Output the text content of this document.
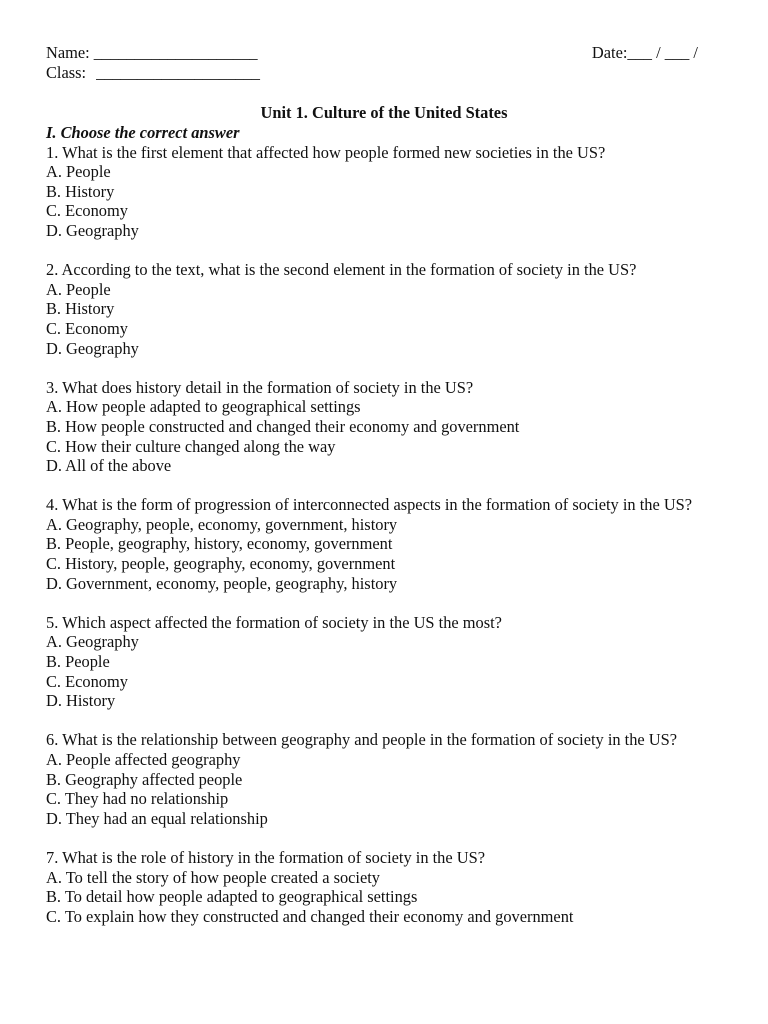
Name: ____________________	Date:___ / ___ /
Class: ____________________
Unit 1. Culture of the United States
I. Choose the correct answer
1. What is the first element that affected how people formed new societies in the US?
A. People
B. History
C. Economy
D. Geography
2. According to the text, what is the second element in the formation of society in the US?
A. People
B. History
C. Economy
D. Geography
3. What does history detail in the formation of society in the US?
A. How people adapted to geographical settings
B. How people constructed and changed their economy and government
C. How their culture changed along the way
D. All of the above
4. What is the form of progression of interconnected aspects in the formation of society in the US?
A. Geography, people, economy, government, history
B. People, geography, history, economy, government
C. History, people, geography, economy, government
D. Government, economy, people, geography, history
5. Which aspect affected the formation of society in the US the most?
A. Geography
B. People
C. Economy
D. History
6. What is the relationship between geography and people in the formation of society in the US?
A. People affected geography
B. Geography affected people
C. They had no relationship
D. They had an equal relationship
7. What is the role of history in the formation of society in the US?
A. To tell the story of how people created a society
B. To detail how people adapted to geographical settings
C. To explain how they constructed and changed their economy and government
